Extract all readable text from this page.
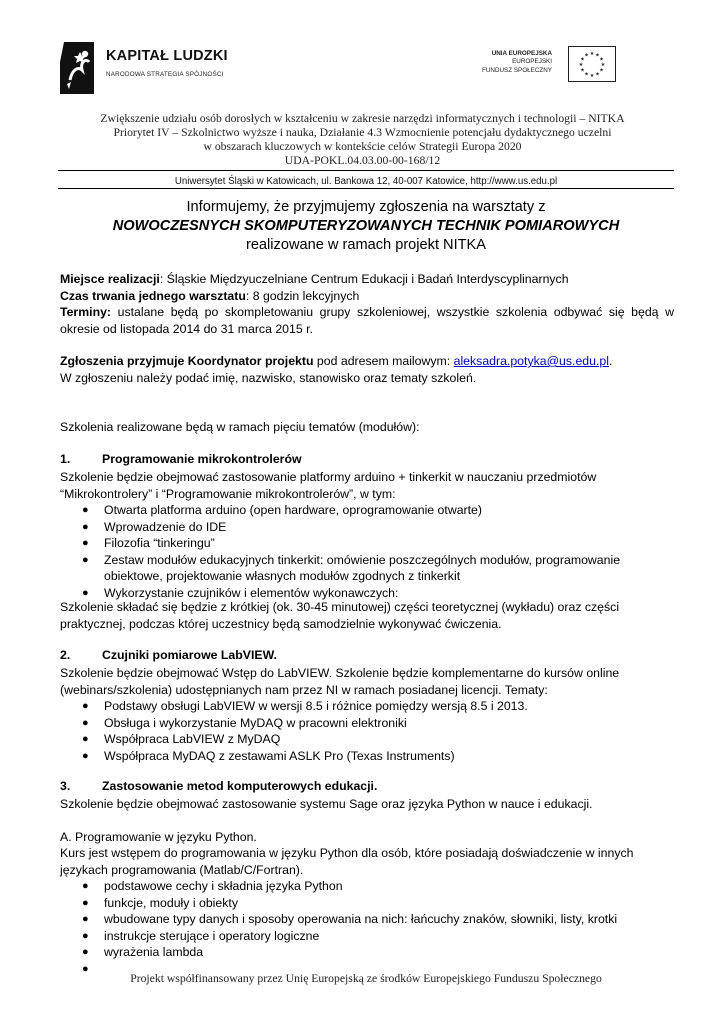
KAPITAŁ LUDZKI
NARODOWA STRATEGIA SPÓJNOŚCI
UNIA EUROPEJSKA
EUROPEJSKI
FUNDUSZ SPOŁECZNY
★ ★
★
★
★
★
★
★
★
★
★
★
Zwiększenie udziału osób dorosłych w kształceniu w zakresie narzędzi informatycznych i technologii – NITKA
Priorytet IV – Szkolnictwo wyższe i nauka, Działanie 4.3 Wzmocnienie potencjału dydaktycznego uczelni
w obszarach kluczowych w kontekście celów Strategii Europa 2020
UDA-POKL.04.03.00-00-168/12
Uniwersytet Śląski w Katowicach, ul. Bankowa 12, 40-007 Katowice, http://www.us.edu.pl
Informujemy, że przyjmujemy zgłoszenia na warsztaty z
NOWOCZESNYCH SKOMPUTERYZOWANYCH TECHNIK POMIAROWYCH
realizowane w ramach projekt NITKA
Miejsce realizacji: Śląskie Międzyuczelniane Centrum Edukacji i Badań Interdyscyplinarnych
Czas trwania jednego warsztatu: 8 godzin lekcyjnych
Terminy: ustalane będą po skompletowaniu grupy szkoleniowej, wszystkie szkolenia odbywać się będą w okresie od listopada 2014 do 31 marca 2015 r.
Zgłoszenia przyjmuje Koordynator projektu pod adresem mailowym: aleksadra.potyka@us.edu.pl.
W zgłoszeniu należy podać imię, nazwisko, stanowisko oraz tematy szkoleń.
Szkolenia realizowane będą w ramach pięciu tematów (modułów):
1.	Programowanie mikrokontrolerów
Szkolenie będzie obejmować zastosowanie platformy arduino + tinkerkit w nauczaniu przedmiotów “Mikrokontrolery” i “Programowanie mikrokontrolerów”, w tym:
● Otwarta platforma arduino (open hardware, oprogramowanie otwarte)
● Wprowadzenie do IDE
● Filozofia “tinkeringu”
● Zestaw modułów edukacyjnych tinkerkit: omówienie poszczególnych modułów, programowanie obiektowe, projektowanie własnych modułów zgodnych z tinkerkit
● Wykorzystanie czujników i elementów wykonawczych:
Szkolenie składać się będzie z krótkiej (ok. 30-45 minutowej) części teoretycznej (wykładu) oraz części praktycznej, podczas której uczestnicy będą samodzielnie wykonywać ćwiczenia.
2.	Czujniki pomiarowe LabVIEW.
Szkolenie będzie obejmować Wstęp do LabVIEW. Szkolenie będzie komplementarne do kursów online (webinars/szkolenia) udostępnianych nam przez NI w ramach posiadanej licencji. Tematy:
● Podstawy obsługi LabVIEW w wersji 8.5 i różnice pomiędzy wersją 8.5 i 2013.
● Obsługa i wykorzystanie MyDAQ w pracowni elektroniki
● Współpraca LabVIEW z MyDAQ
● Współpraca MyDAQ z zestawami ASLK Pro (Texas Instruments)
3.	Zastosowanie metod komputerowych edukacji.
Szkolenie będzie obejmować zastosowanie systemu Sage oraz języka Python w nauce i edukacji.
A. Programowanie w języku Python.
Kurs jest wstępem do programowania w języku Python dla osób, które posiadają doświadczenie w innych językach programowania (Matlab/C/Fortran).
● podstawowe cechy i składnia języka Python
● funkcje, moduły i obiekty
● wbudowane typy danych i sposoby operowania na nich: łańcuchy znaków, słowniki, listy, krotki
● instrukcje sterujące i operatory logiczne
● wyrażenia lambda
●
Projekt współfinansowany przez Unię Europejską ze środków Europejskiego Funduszu Społecznego
